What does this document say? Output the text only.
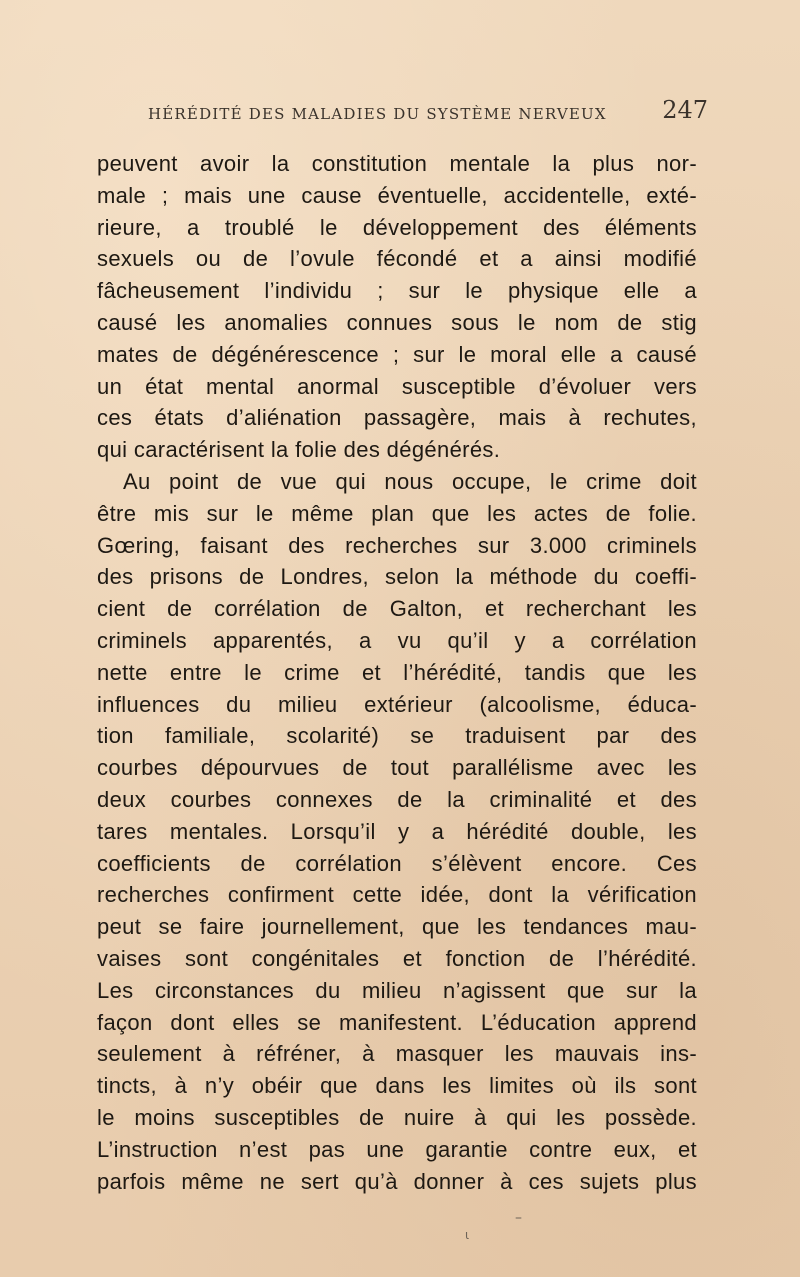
HÉRÉDITÉ DES MALADIES DU SYSTÈME NERVEUX 247
peuvent avoir la constitution mentale la plus nor-
male ; mais une cause éventuelle, accidentelle, exté-
rieure, a troublé le développement des éléments
sexuels ou de l’ovule fécondé et a ainsi modifié
fâcheusement l’individu ; sur le physique elle a
causé les anomalies connues sous le nom de stig
mates de dégénérescence ; sur le moral elle a causé
un état mental anormal susceptible d’évoluer vers
ces états d’aliénation passagère, mais à rechutes,
qui caractérisent la folie des dégénérés.
Au point de vue qui nous occupe, le crime doit
être mis sur le même plan que les actes de folie.
Gœring, faisant des recherches sur 3.000 criminels
des prisons de Londres, selon la méthode du coeffi-
cient de corrélation de Galton, et recherchant les
criminels apparentés, a vu qu’il y a corrélation
nette entre le crime et l’hérédité, tandis que les
influences du milieu extérieur (alcoolisme, éduca-
tion familiale, scolarité) se traduisent par des
courbes dépourvues de tout parallélisme avec les
deux courbes connexes de la criminalité et des
tares mentales. Lorsqu’il y a hérédité double, les
coefficients de corrélation s’élèvent encore. Ces
recherches confirment cette idée, dont la vérification
peut se faire journellement, que les tendances mau-
vaises sont congénitales et fonction de l’hérédité.
Les circonstances du milieu n’agissent que sur la
façon dont elles se manifestent. L’éducation apprend
seulement à réfréner, à masquer les mauvais ins-
tincts, à n’y obéir que dans les limites où ils sont
le moins susceptibles de nuire à qui les possède.
L’instruction n’est pas une garantie contre eux, et
parfois même ne sert qu’à donner à ces sujets plus
–
ι
